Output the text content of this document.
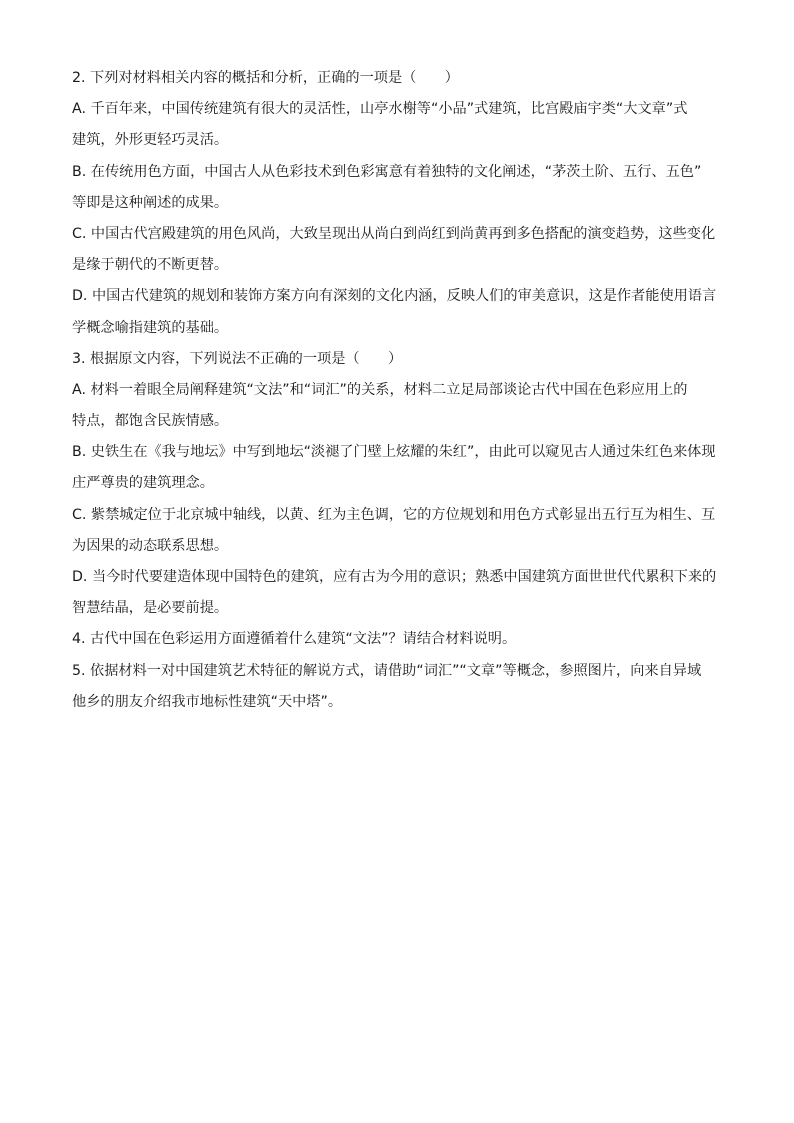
2. 下列对材料相关内容的概括和分析，正确的一项是（　　）
A. 千百年来，中国传统建筑有很大的灵活性，山亭水榭等“小品”式建筑，比宫殿庙宇类“大文章”式
建筑，外形更轻巧灵活。
B. 在传统用色方面，中国古人从色彩技术到色彩寓意有着独特的文化阐述，“茅茨土阶、五行、五色”
等即是这种阐述的成果。
C. 中国古代宫殿建筑的用色风尚，大致呈现出从尚白到尚红到尚黄再到多色搭配的演变趋势，这些变化
是缘于朝代的不断更替。
D. 中国古代建筑的规划和装饰方案方向有深刻的文化内涵，反映人们的审美意识，这是作者能使用语言
学概念喻指建筑的基础。
3. 根据原文内容，下列说法不正确的一项是（　　）
A. 材料一着眼全局阐释建筑“文法”和“词汇”的关系，材料二立足局部谈论古代中国在色彩应用上的
特点，都饱含民族情感。
B. 史铁生在《我与地坛》中写到地坛“淡褪了门壁上炫耀的朱红”，由此可以窥见古人通过朱红色来体现
庄严尊贵的建筑理念。
C. 紫禁城定位于北京城中轴线，以黄、红为主色调，它的方位规划和用色方式彰显出五行互为相生、互
为因果的动态联系思想。
D. 当今时代要建造体现中国特色的建筑，应有古为今用的意识；熟悉中国建筑方面世世代代累积下来的
智慧结晶，是必要前提。
4. 古代中国在色彩运用方面遵循着什么建筑“文法”？请结合材料说明。
5. 依据材料一对中国建筑艺术特征的解说方式，请借助“词汇”“文章”等概念，参照图片，向来自异域
他乡的朋友介绍我市地标性建筑“天中塔”。
